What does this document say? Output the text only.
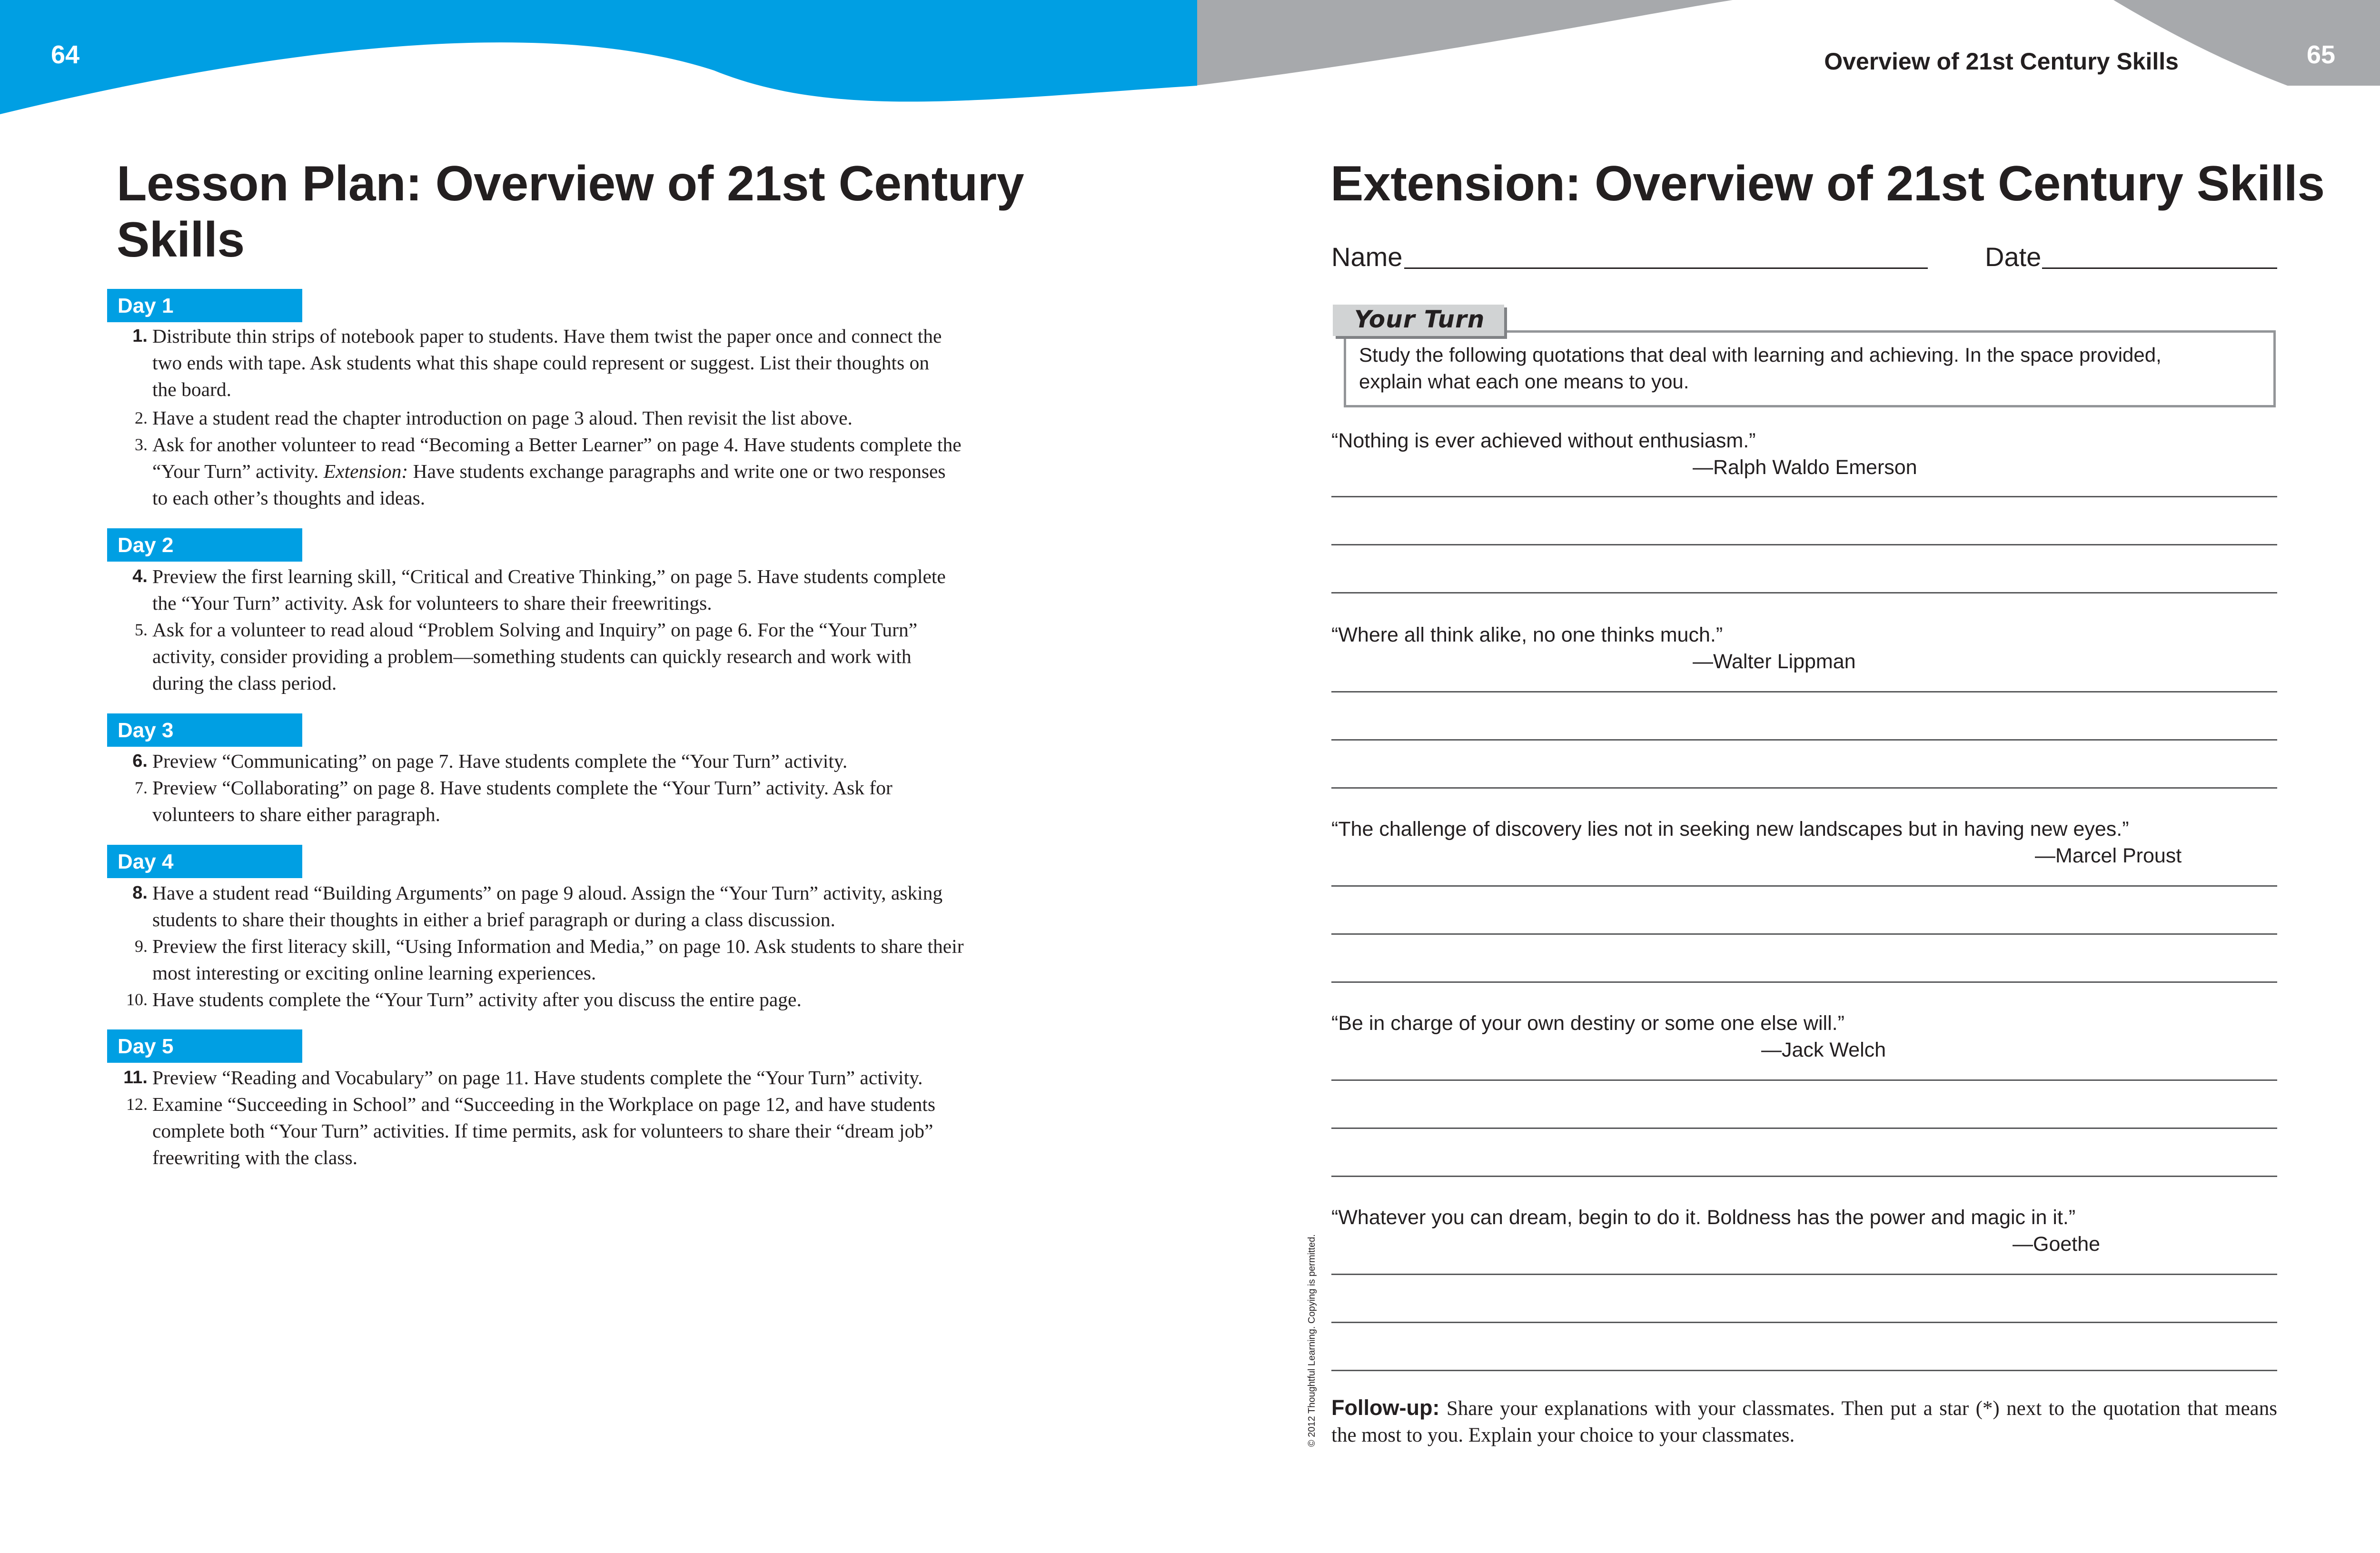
64	65
Overview of 21st Century Skills
Lesson Plan: Overview of 21st Century
Skills
Day 1
1. Distribute thin strips of notebook paper to students. Have them twist the paper once and connect the
two ends with tape. Ask students what this shape could represent or suggest. List their thoughts on
the board.
2. Have a student read the chapter introduction on page 3 aloud. Then revisit the list above.
3. Ask for another volunteer to read “Becoming a Better Learner” on page 4. Have students complete the
“Your Turn” activity. Extension: Have students exchange paragraphs and write one or two responses
to each other’s thoughts and ideas.
Day 2
4. Preview the first learning skill, “Critical and Creative Thinking,” on page 5. Have students complete
the “Your Turn” activity. Ask for volunteers to share their freewritings.
5. Ask for a volunteer to read aloud “Problem Solving and Inquiry” on page 6. For the “Your Turn”
activity, consider providing a problem—something students can quickly research and work with
during the class period.
Day 3
6. Preview “Communicating” on page 7. Have students complete the “Your Turn” activity.
7. Preview “Collaborating” on page 8. Have students complete the “Your Turn” activity. Ask for
volunteers to share either paragraph.
Day 4
8. Have a student read “Building Arguments” on page 9 aloud. Assign the “Your Turn” activity, asking
students to share their thoughts in either a brief paragraph or during a class discussion.
9. Preview the first literacy skill, “Using Information and Media,” on page 10. Ask students to share their
most interesting or exciting online learning experiences.
10. Have students complete the “Your Turn” activity after you discuss the entire page.
Day 5
11. Preview “Reading and Vocabulary” on page 11. Have students complete the “Your Turn” activity.
12. Examine “Succeeding in School” and “Succeeding in the Workplace on page 12, and have students
complete both “Your Turn” activities. If time permits, ask for volunteers to share their “dream job”
freewriting with the class.
Extension: Overview of 21st Century Skills
Name	Date
Your Turn
Study the following quotations that deal with learning and achieving. In the space provided,
explain what each one means to you.
“Nothing is ever achieved without enthusiasm.”
—Ralph Waldo Emerson
“Where all think alike, no one thinks much.”
—Walter Lippman
“The challenge of discovery lies not in seeking new landscapes but in having new eyes.”
—Marcel Proust
“Be in charge of your own destiny or some one else will.”
—Jack Welch
“Whatever you can dream, begin to do it. Boldness has the power and magic in it.”
—Goethe
© 2012 Thoughtful Learning. Copying is permitted. Follow-up: Share your explanations with your classmates. Then put a star (*) next to the quotation that means the most to you. Explain your choice to your classmates.
